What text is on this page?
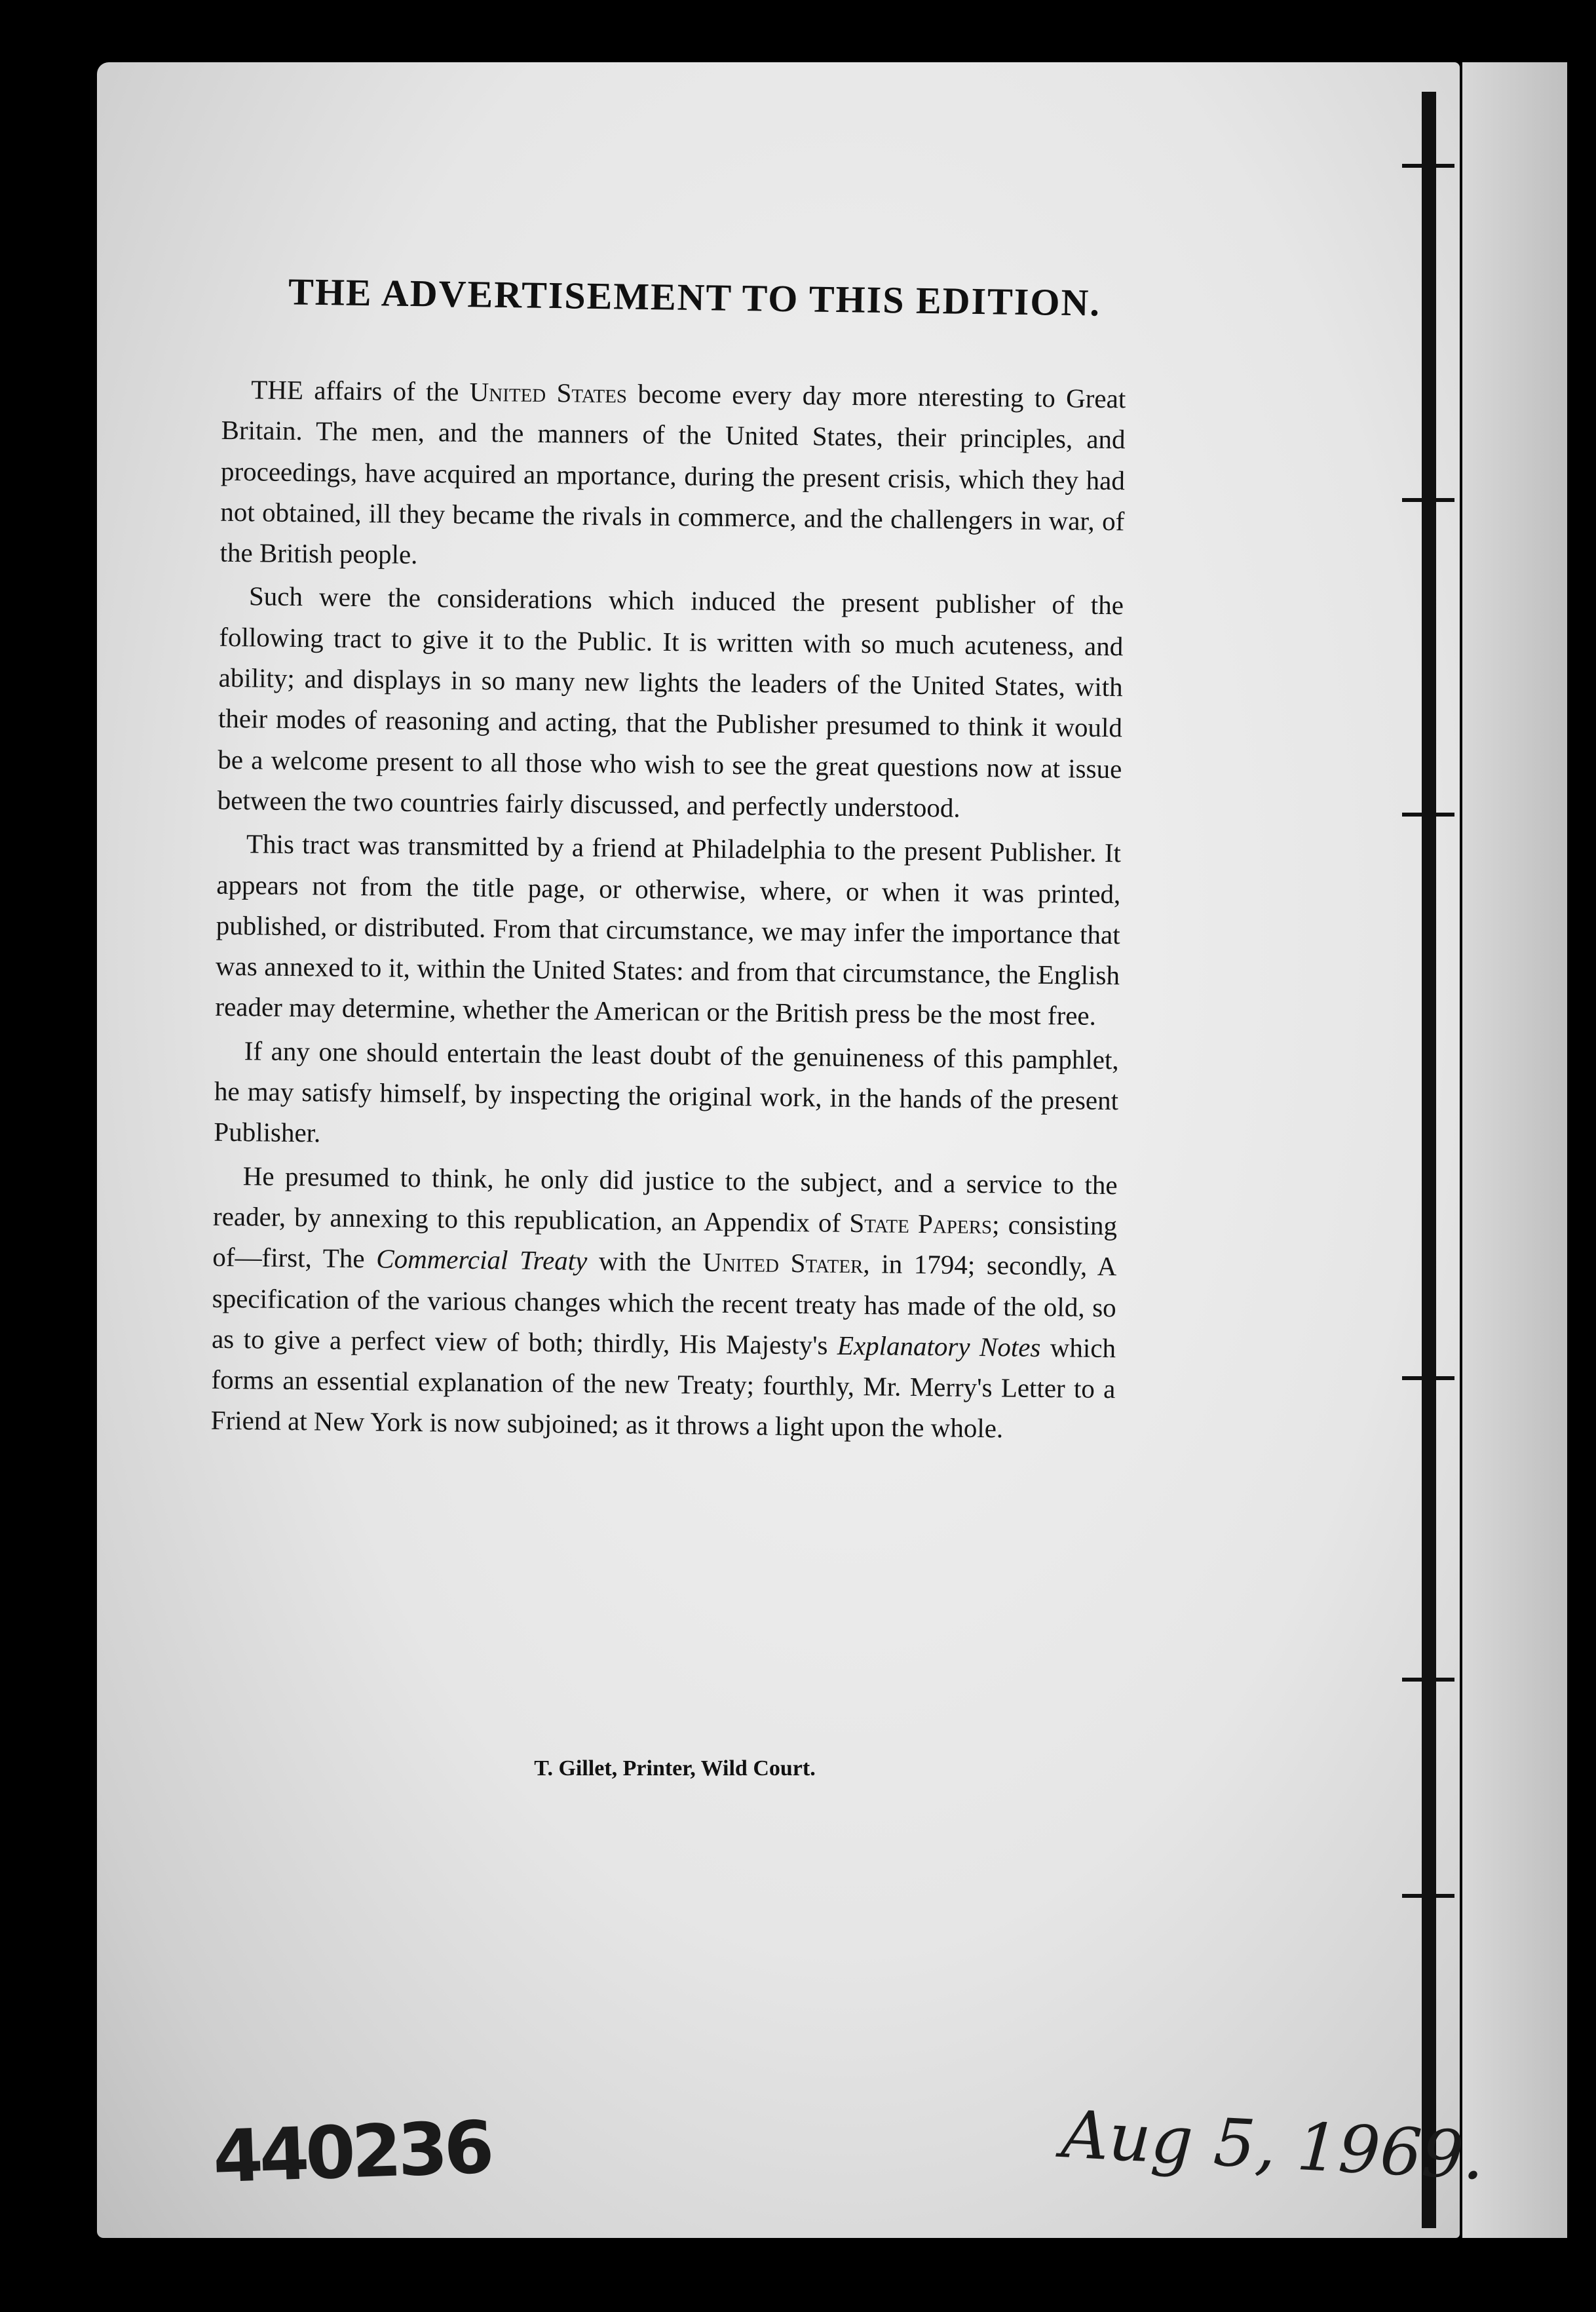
THE ADVERTISEMENT TO THIS EDITION.

THE affairs of the United States become every day more nteresting to Great Britain. The men, and the manners of the United States, their principles, and proceedings, have acquired an mportance, during the present crisis, which they had not obtained, ill they became the rivals in commerce, and the challengers in war, of the British people.

Such were the considerations which induced the present publisher of the following tract to give it to the Public. It is written with so much acuteness, and ability; and displays in so many new lights the leaders of the United States, with their modes of reasoning and acting, that the Publisher presumed to think it would be a welcome present to all those who wish to see the great questions now at issue between the two countries fairly discussed, and perfectly understood.

This tract was transmitted by a friend at Philadelphia to the present Publisher. It appears not from the title page, or otherwise, where, or when it was printed, published, or distributed. From that circumstance, we may infer the importance that was annexed to it, within the United States: and from that circumstance, the English reader may determine, whether the American or the British press be the most free.

If any one should entertain the least doubt of the genuineness of this pamphlet, he may satisfy himself, by inspecting the original work, in the hands of the present Publisher.

He presumed to think, he only did justice to the subject, and a service to the reader, by annexing to this republication, an Appendix of State Papers; consisting of—first, The Commercial Treaty with the United Stater, in 1794; secondly, A specification of the various changes which the recent treaty has made of the old, so as to give a perfect view of both; thirdly, His Majesty's Explanatory Notes which forms an essential explanation of the new Treaty; fourthly, Mr. Merry's Letter to a Friend at New York is now subjoined; as it throws a light upon the whole.

T. Gillet, Printer, Wild Court.
440236	Aug 5, 1969.
